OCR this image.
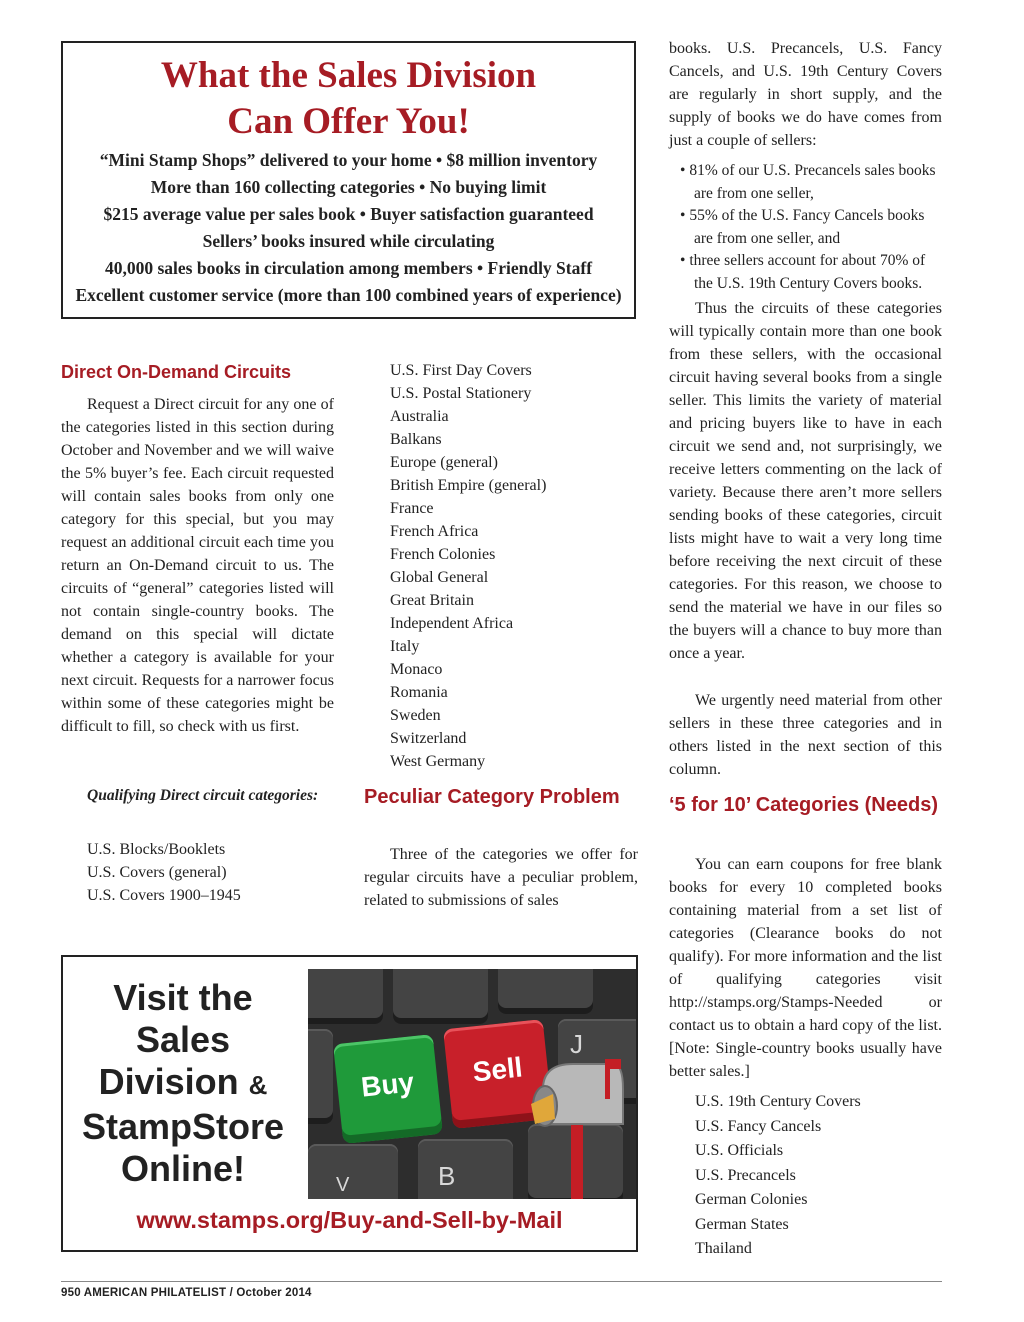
What the Sales Division
Can Offer You!
“Mini Stamp Shops” delivered to your home • $8 million inventory
More than 160 collecting categories • No buying limit
$215 average value per sales book • Buyer satisfaction guaranteed
Sellers’ books insured while circulating
40,000 sales books in circulation among members • Friendly Staff
Excellent customer service (more than 100 combined years of experience)
Direct On-Demand Circuits
Request a Direct circuit for any one of the categories listed in this section during October and November and we will waive the 5% buyer’s fee. Each circuit requested will contain sales books from only one category for this special, but you may request an additional circuit each time you return an On-Demand circuit to us. The circuits of “general” categories listed will not contain single-country books. The demand on this special will dictate whether a category is available for your next circuit. Requests for a narrower focus within some of these categories might be difficult to fill, so check with us first.
Qualifying Direct circuit categories:
U.S. Blocks/Booklets
U.S. Covers (general)
U.S. Covers 1900–1945
U.S. First Day Covers
U.S. Postal Stationery
Australia
Balkans
Europe (general)
British Empire (general)
France
French Africa
French Colonies
Global General
Great Britain
Independent Africa
Italy
Monaco
Romania
Sweden
Switzerland
West Germany
Peculiar Category Problem
Three of the categories we offer for regular circuits have a peculiar problem, related to submissions of sales
books. U.S. Precancels, U.S. Fancy Cancels, and U.S. 19th Century Covers are regularly in short supply, and the supply of books we do have comes from just a couple of sellers:
• 81% of our U.S. Precancels sales books are from one seller,
• 55% of the U.S. Fancy Cancels books are from one seller, and
• three sellers account for about 70% of the U.S. 19th Century Covers books.
Thus the circuits of these categories will typically contain more than one book from these sellers, with the occasional circuit having several books from a single seller. This limits the variety of material and pricing buyers like to have in each circuit we send and, not surprisingly, we receive letters commenting on the lack of variety. Because there aren’t more sellers sending books of these categories, circuit lists might have to wait a very long time before receiving the next circuit of these categories. For this reason, we choose to send the material we have in our files so the buyers will a chance to buy more than once a year.
We urgently need material from other sellers in these three categories and in others listed in the next section of this column.
‘5 for 10’ Categories (Needs)
You can earn coupons for free blank books for every 10 completed books containing material from a set list of categories (Clearance books do not qualify). For more information and the list of qualifying categories visit http://stamps.org/Stamps-Needed or contact us to obtain a hard copy of the list. [Note: Single-country books usually have better sales.]
U.S. 19th Century Covers
U.S. Fancy Cancels
U.S. Officials
U.S. Precancels
German Colonies
German States
Thailand
Visit the
Sales
Division &
StampStore
Online!
J
B
V
Buy	Sell
www.stamps.org/Buy-and-Sell-by-Mail
950 AMERICAN PHILATELIST / October 2014
